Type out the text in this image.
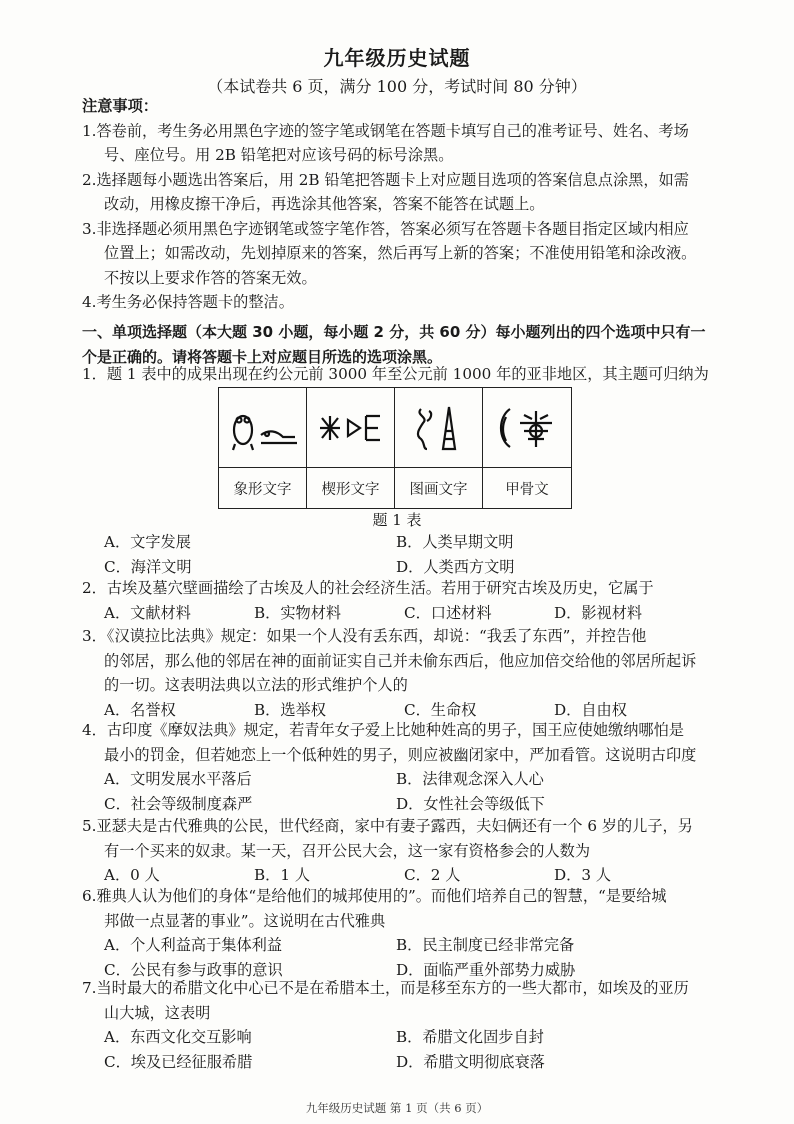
九年级历史试题
（本试卷共 6 页，满分 100 分，考试时间 80 分钟）
注意事项：
1.答卷前，考生务必用黑色字迹的签字笔或钢笔在答题卡填写自己的准考证号、姓名、考场
号、座位号。用 2B 铅笔把对应该号码的标号涂黑。
2.选择题每小题选出答案后，用 2B 铅笔把答题卡上对应题目选项的答案信息点涂黑，如需
改动，用橡皮擦干净后，再选涂其他答案，答案不能答在试题上。
3.非选择题必须用黑色字迹钢笔或签字笔作答，答案必须写在答题卡各题目指定区域内相应
位置上；如需改动，先划掉原来的答案，然后再写上新的答案；不准使用铅笔和涂改液。
不按以上要求作答的答案无效。
4.考生务必保持答题卡的整洁。
一、单项选择题（本大题 30 小题，每小题 2 分，共 60 分）每小题列出的四个选项中只有一
个是正确的。请将答题卡上对应题目所选的选项涂黑。
1．题 1 表中的成果出现在约公元前 3000 年至公元前 1000 年的亚非地区，其主题可归纳为
象形文字	楔形文字	图画文字	甲骨文
题 1 表
A．文字发展	B．人类早期文明
C．海洋文明	D．人类西方文明
2．古埃及墓穴壁画描绘了古埃及人的社会经济生活。若用于研究古埃及历史，它属于
A．文献材料	B．实物材料	C．口述材料	D．影视材料
3．《汉谟拉比法典》规定：如果一个人没有丢东西，却说：“我丢了东西”，并控告他
的邻居，那么他的邻居在神的面前证实自己并未偷东西后，他应加倍交给他的邻居所起诉
的一切。这表明法典以立法的形式维护个人的
A．名誉权	B．选举权	C．生命权	D．自由权
4．古印度《摩奴法典》规定，若青年女子爱上比她种姓高的男子，国王应使她缴纳哪怕是
最小的罚金，但若她恋上一个低种姓的男子，则应被幽闭家中，严加看管。这说明古印度
A．文明发展水平落后	B．法律观念深入人心
C．社会等级制度森严	D．女性社会等级低下
5.亚瑟夫是古代雅典的公民，世代经商，家中有妻子露西，夫妇俩还有一个 6 岁的儿子，另
有一个买来的奴隶。某一天，召开公民大会，这一家有资格参会的人数为
A．0 人	B．1 人	C．2 人	D．3 人
6.雅典人认为他们的身体“是给他们的城邦使用的”。而他们培养自己的智慧，“是要给城
邦做一点显著的事业”。这说明在古代雅典
A．个人利益高于集体利益	B．民主制度已经非常完备
C．公民有参与政事的意识	D．面临严重外部势力威胁
7.当时最大的希腊文化中心已不是在希腊本土，而是移至东方的一些大都市，如埃及的亚历
山大城，这表明
A．东西文化交互影响	B．希腊文化固步自封
C．埃及已经征服希腊	D．希腊文明彻底衰落
九年级历史试题 第 1 页（共 6 页）
